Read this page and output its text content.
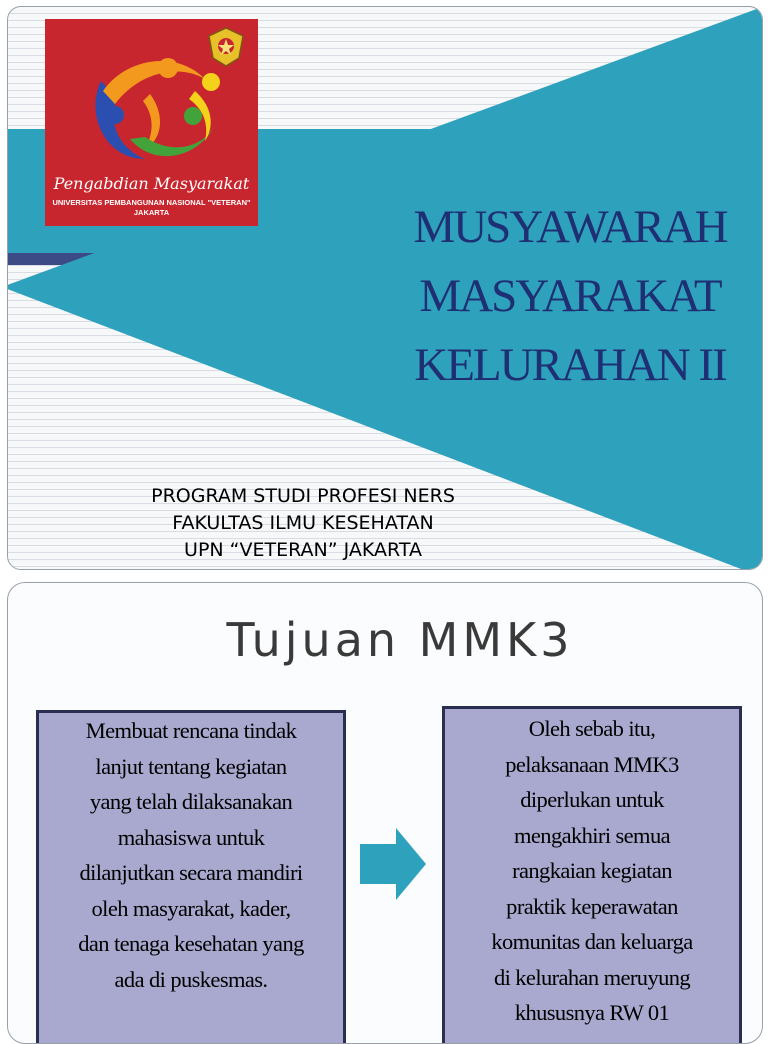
Pengabdian Masyarakat
UNIVERSITAS PEMBANGUNAN NASIONAL "VETERAN"
JAKARTA	MUSYAWARAH
MASYARAKAT
KELURAHAN II
PROGRAM STUDI PROFESI NERS
FAKULTAS ILMU KESEHATAN
UPN “VETERAN” JAKARTA
Tujuan MMK3
Membuat rencana tindak
lanjut tentang kegiatan
yang telah dilaksanakan
mahasiswa untuk
dilanjutkan secara mandiri
oleh masyarakat, kader,
dan tenaga kesehatan yang
ada di puskesmas.
Oleh sebab itu,
pelaksanaan MMK3
diperlukan untuk
mengakhiri semua
rangkaian kegiatan
praktik keperawatan
komunitas dan keluarga
di kelurahan meruyung
khususnya RW 01
